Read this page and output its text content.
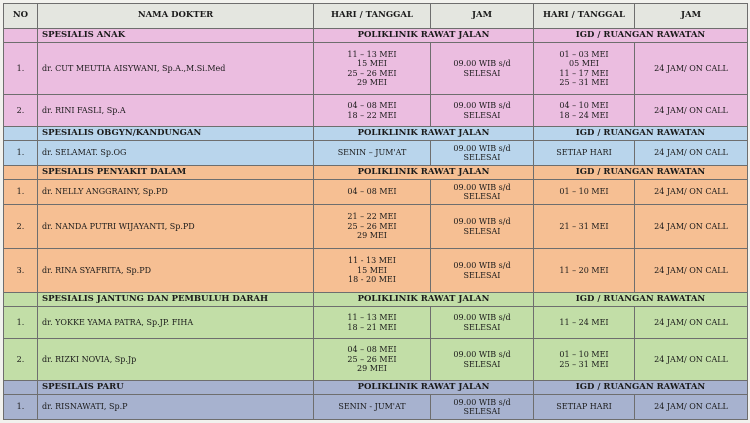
NO	NAMA DOKTER	HARI / TANGGAL	JAM	HARI / TANGGAL	JAM
	SPESIALIS ANAK	POLIKLINIK RAWAT JALAN		IGD / RUANGAN RAWATAN	
1.	dr. CUT MEUTIA AISYWANI, Sp.A.,M.Si.Med	11 – 13 MEI
15 MEI
25 – 26 MEI
29 MEI	09.00 WIB s/d SELESAI	01 – 03 MEI
05 MEI
11 – 17 MEI
25 – 31 MEI	24 JAM/ ON CALL
2.	dr. RINI FASLI, Sp.A	04 – 08 MEI
18 – 22 MEI	09.00 WIB s/d SELESAI	04 – 10 MEI
18 – 24 MEI	24 JAM/ ON CALL
	SPESIALIS OBGYN/KANDUNGAN	POLIKLINIK RAWAT JALAN		IGD / RUANGAN RAWATAN	
1.	dr. SELAMAT. Sp.OG	SENIN – JUM'AT	09.00 WIB s/d SELESAI	SETIAP HARI	24 JAM/ ON CALL
	SPESIALIS PENYAKIT DALAM	POLIKLINIK RAWAT JALAN		IGD / RUANGAN RAWATAN	
1.	dr. NELLY ANGGRAINY, Sp.PD	04 – 08 MEI	09.00 WIB s/d SELESAI	01 – 10 MEI	24 JAM/ ON CALL
2.	dr. NANDA PUTRI WIJAYANTI, Sp.PD	21 – 22 MEI
25 – 26 MEI
29 MEI	09.00 WIB s/d SELESAI	21 – 31 MEI	24 JAM/ ON CALL
3.	dr. RINA SYAFRITA, Sp.PD	11 - 13 MEI
15 MEI
18 - 20 MEI	09.00 WIB s/d SELESAI	11 – 20 MEI	24 JAM/ ON CALL
	SPESIALIS JANTUNG DAN PEMBULUH DARAH	POLIKLINIK RAWAT JALAN		IGD / RUANGAN RAWATAN	
1.	dr. YOKKE YAMA PATRA, Sp.JP. FIHA	11 – 13 MEI
18 – 21 MEI	09.00 WIB s/d SELESAI	11 – 24 MEI	24 JAM/ ON CALL
2.	dr. RIZKI NOVIA, Sp.Jp	04 – 08 MEI
25 – 26 MEI
29 MEI	09.00 WIB s/d SELESAI	01 – 10 MEI
25 – 31 MEI	24 JAM/ ON CALL
	SPESILAIS PARU	POLIKLINIK RAWAT JALAN		IGD / RUANGAN RAWATAN	
1.	dr. RISNAWATI, Sp.P	SENIN - JUM'AT	09.00 WIB s/d SELESAI	SETIAP HARI	24 JAM/ ON CALL
